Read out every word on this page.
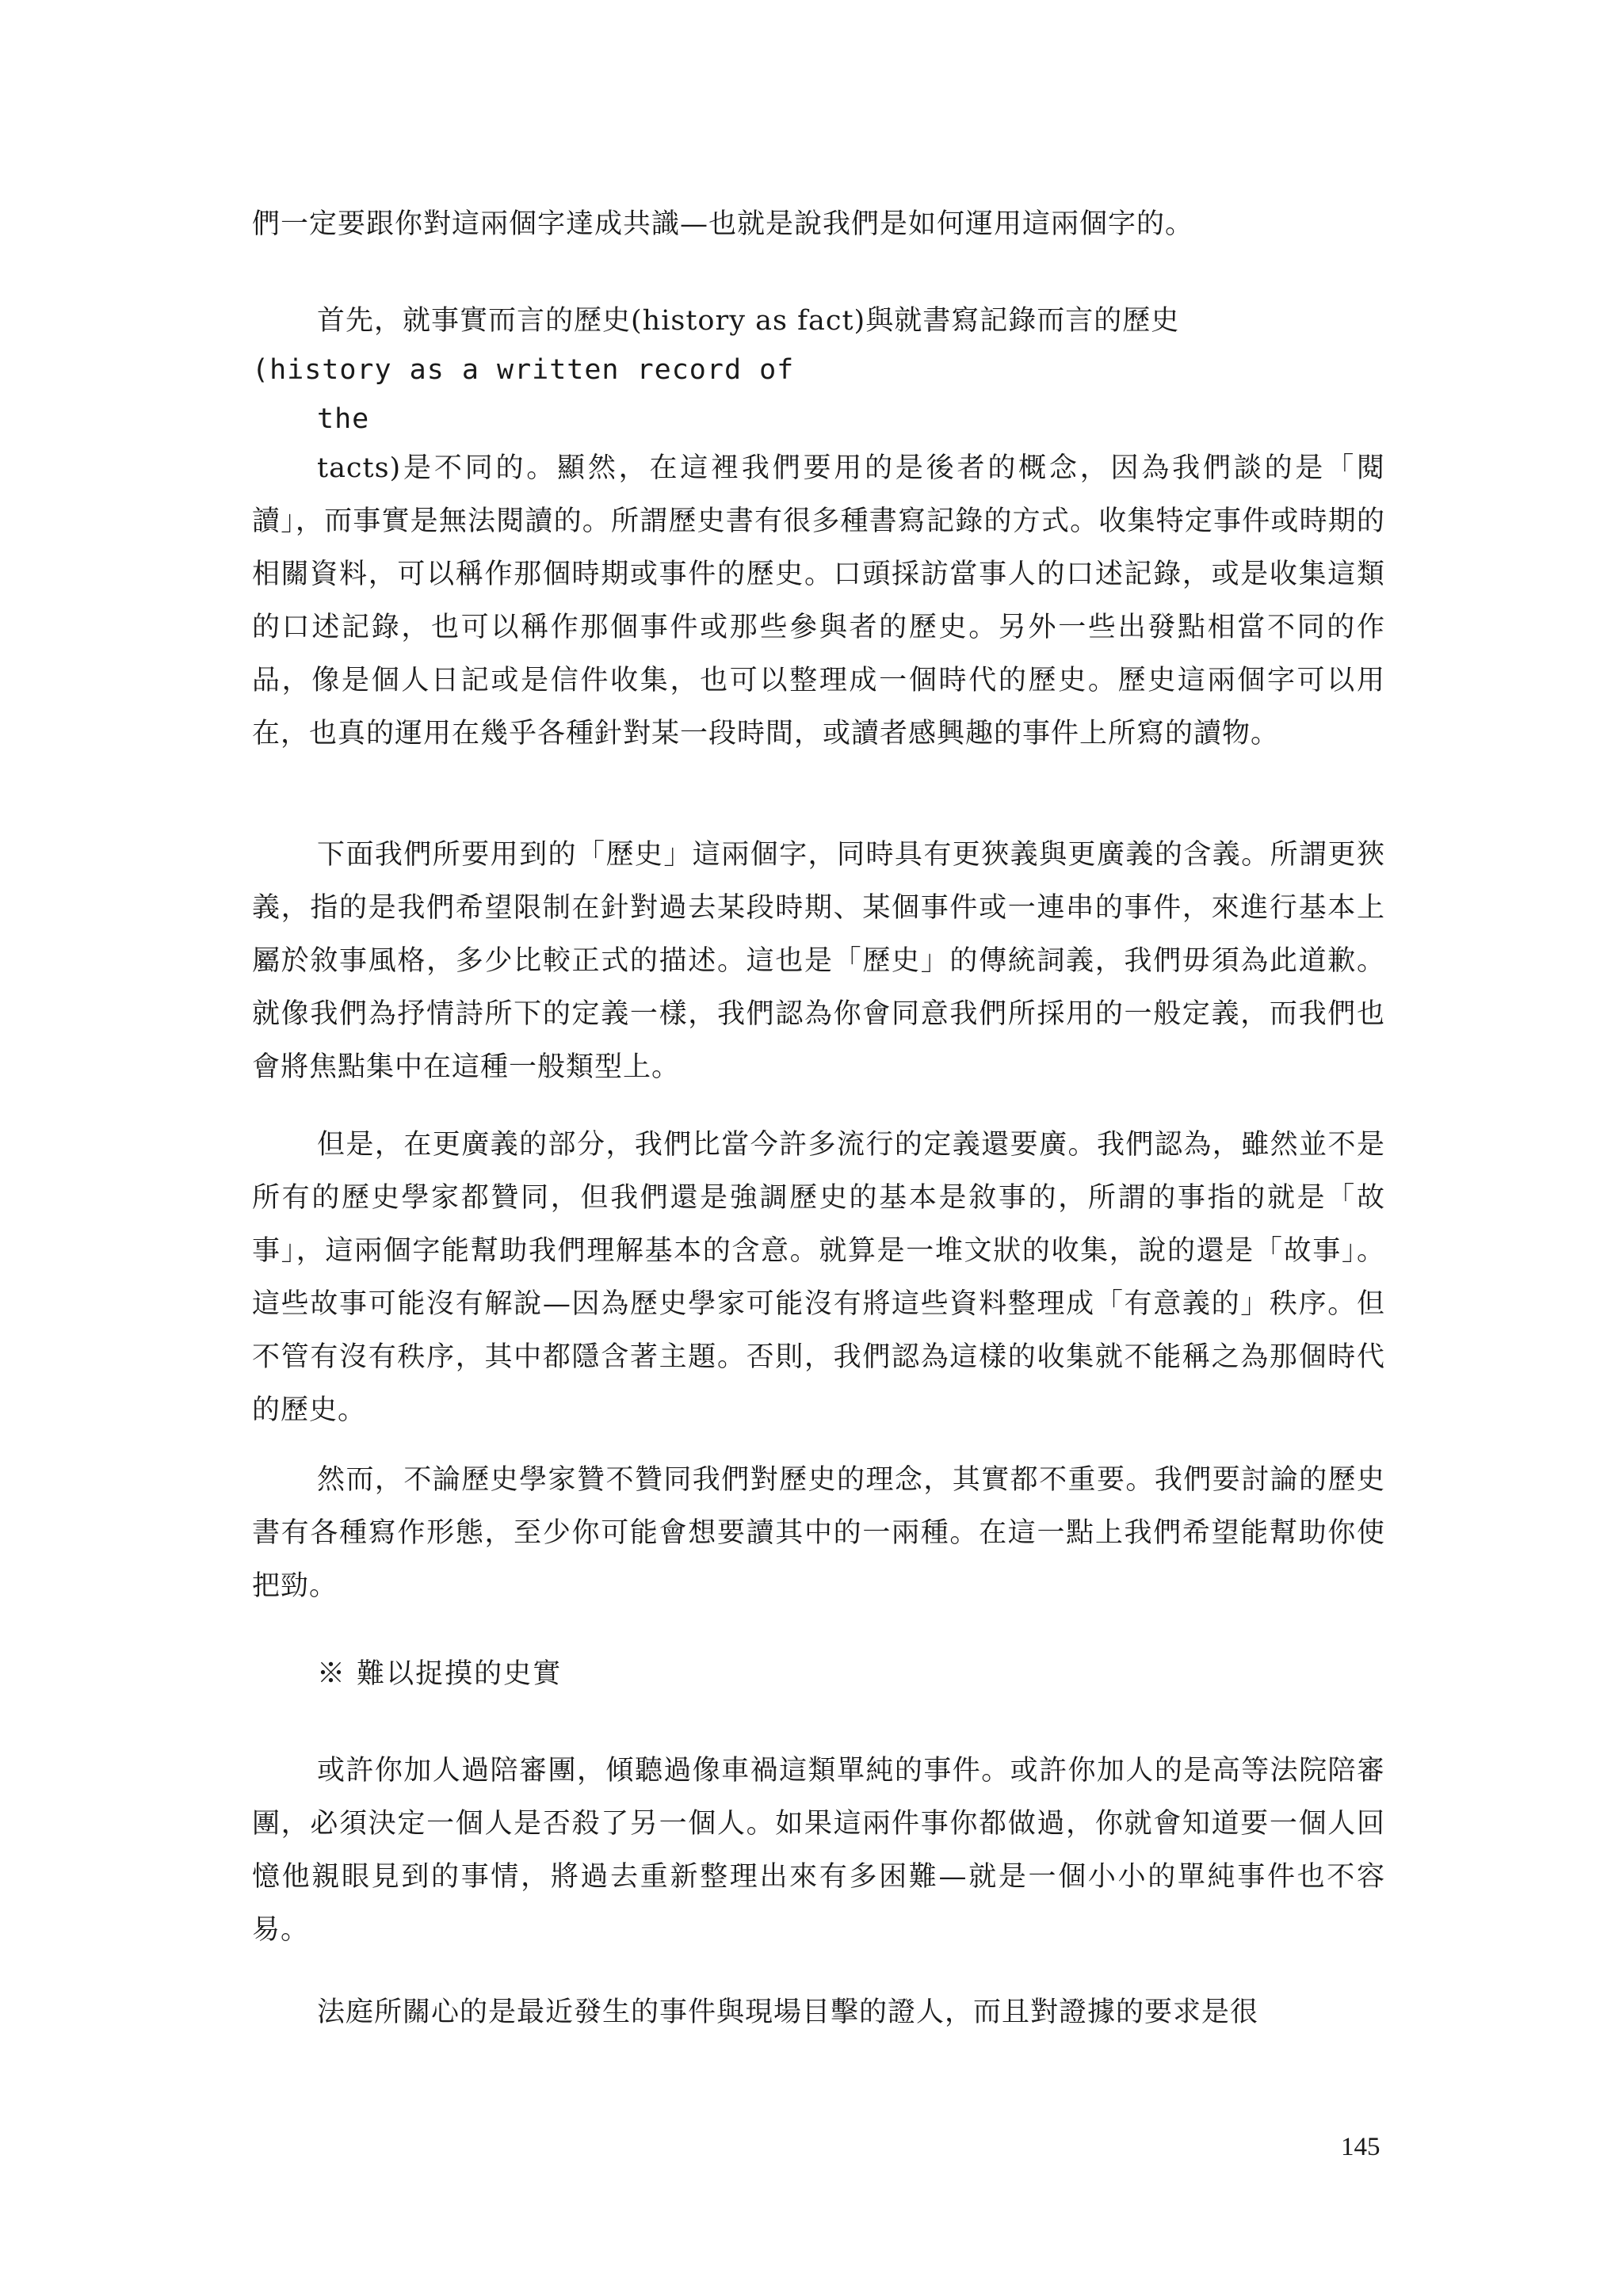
們一定要跟你對這兩個字達成共識—也就是說我們是如何運用這兩個字的。

首先，就事實而言的歷史(history as fact)與就書寫記錄而言的歷史

(history as a written record of

the

tacts)是不同的。顯然，在這裡我們要用的是後者的概念，因為我們談的是「閱讀」，而事實是無法閱讀的。所謂歷史書有很多種書寫記錄的方式。收集特定事件或時期的相關資料，可以稱作那個時期或事件的歷史。口頭採訪當事人的口述記錄，或是收集這類的口述記錄，也可以稱作那個事件或那些參與者的歷史。另外一些出發點相當不同的作品，像是個人日記或是信件收集，也可以整理成一個時代的歷史。歷史這兩個字可以用在，也真的運用在幾乎各種針對某一段時間，或讀者感興趣的事件上所寫的讀物。

下面我們所要用到的「歷史」這兩個字，同時具有更狹義與更廣義的含義。所謂更狹義，指的是我們希望限制在針對過去某段時期、某個事件或一連串的事件，來進行基本上屬於敘事風格，多少比較正式的描述。這也是「歷史」的傳統詞義，我們毋須為此道歉。就像我們為抒情詩所下的定義一樣，我們認為你會同意我們所採用的一般定義，而我們也會將焦點集中在這種一般類型上。

但是，在更廣義的部分，我們比當今許多流行的定義還要廣。我們認為，雖然並不是所有的歷史學家都贊同，但我們還是強調歷史的基本是敘事的，所謂的事指的就是「故事」，這兩個字能幫助我們理解基本的含意。就算是一堆文狀的收集，說的還是「故事」。這些故事可能沒有解說—因為歷史學家可能沒有將這些資料整理成「有意義的」秩序。但不管有沒有秩序，其中都隱含著主題。否則，我們認為這樣的收集就不能稱之為那個時代的歷史。

然而，不論歷史學家贊不贊同我們對歷史的理念，其實都不重要。我們要討論的歷史書有各種寫作形態，至少你可能會想要讀其中的一兩種。在這一點上我們希望能幫助你使把勁。

※ 難以捉摸的史實

或許你加人過陪審團，傾聽過像車禍這類單純的事件。或許你加人的是高等法院陪審團，必須決定一個人是否殺了另一個人。如果這兩件事你都做過，你就會知道要一個人回憶他親眼見到的事情，將過去重新整理出來有多困難—就是一個小小的單純事件也不容易。

法庭所關心的是最近發生的事件與現場目擊的證人，而且對證據的要求是很

145
